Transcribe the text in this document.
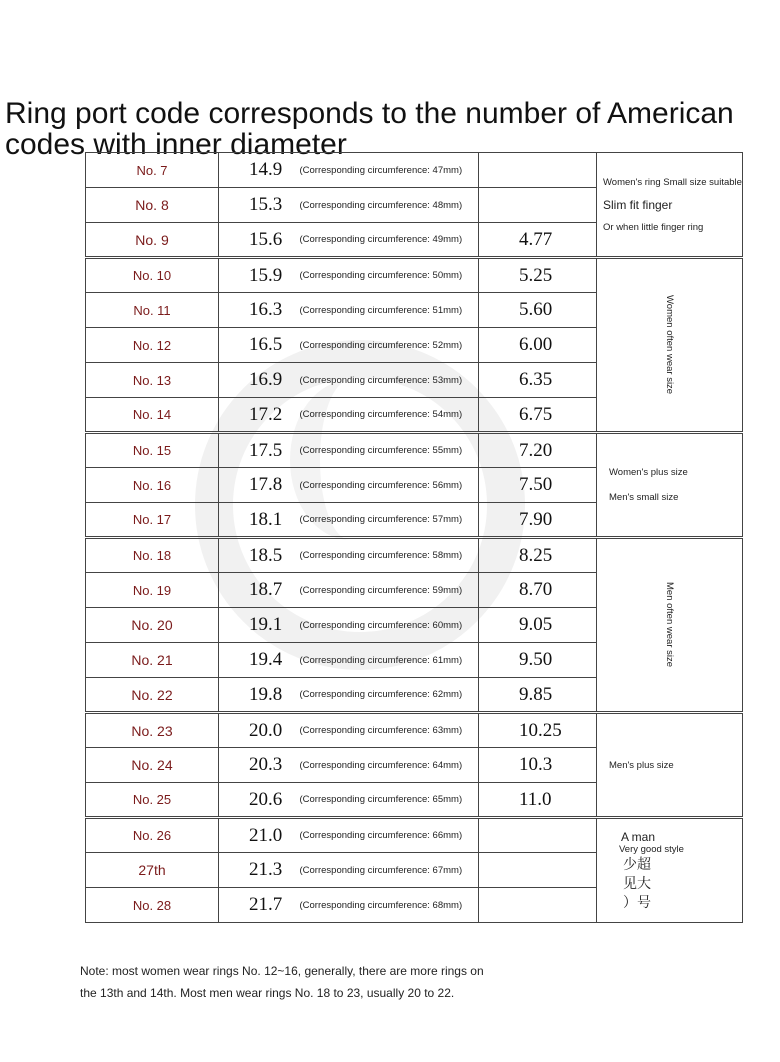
Ring port code corresponds to the number of American codes with inner diameter
No. 7	14.9	(Corresponding circumference: 47mm)		Women's ring Small size suitable
Slim fit finger
Or when little finger ring

No. 8	15.3	(Corresponding circumference: 48mm)		
No. 9	15.6	(Corresponding circumference: 49mm)	4.77	
No. 10	15.9	(Corresponding circumference: 50mm)	5.25	Women often wear size

No. 11	16.3	(Corresponding circumference: 51mm)	5.60	
No. 12	16.5	(Corresponding circumference: 52mm)	6.00	
No. 13	16.9	(Corresponding circumference: 53mm)	6.35	
No. 14	17.2	(Corresponding circumference: 54mm)	6.75	
No. 15	17.5	(Corresponding circumference: 55mm)	7.20	Women's plus size
Men's small size

No. 16	17.8	(Corresponding circumference: 56mm)	7.50	
No. 17	18.1	(Corresponding circumference: 57mm)	7.90	
No. 18	18.5	(Corresponding circumference: 58mm)	8.25	Men often wear size

No. 19	18.7	(Corresponding circumference: 59mm)	8.70	
No. 20	19.1	(Corresponding circumference: 60mm)	9.05	
No. 21	19.4	(Corresponding circumference: 61mm)	9.50	
No. 22	19.8	(Corresponding circumference: 62mm)	9.85	
No. 23	20.0	(Corresponding circumference: 63mm)	10.25	Men's plus size

No. 24	20.3	(Corresponding circumference: 64mm)	10.3	
No. 25	20.6	(Corresponding circumference: 65mm)	11.0	
No. 26	21.0	(Corresponding circumference: 66mm)		A man
Very good style
少超
见大
）号

27th	21.3	(Corresponding circumference: 67mm)		
No. 28	21.7	(Corresponding circumference: 68mm)		
Note: most women wear rings No. 12~16, generally, there are more rings on
the 13th and 14th. Most men wear rings No. 18 to 23, usually 20 to 22.
